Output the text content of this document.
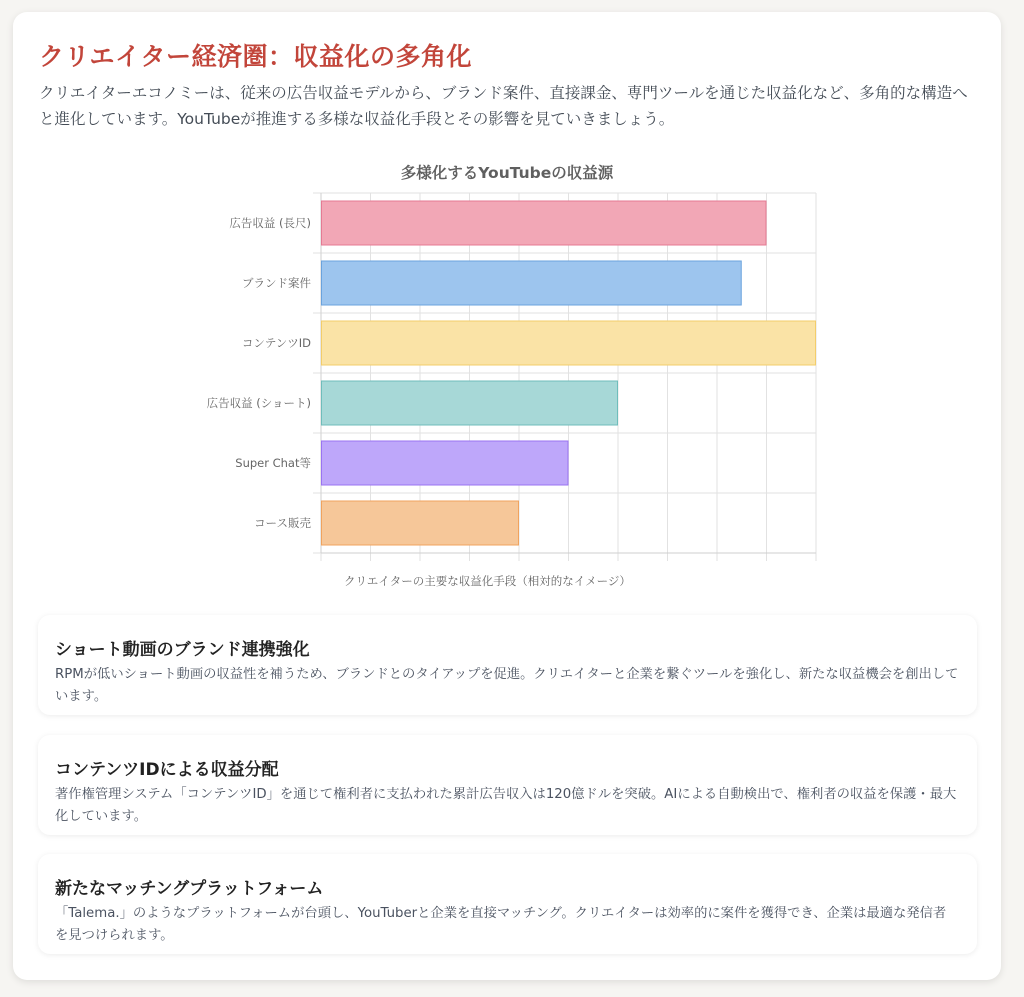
クリエイター経済圏：収益化の多角化

クリエイターエコノミーは、従来の広告収益モデルから、ブランド案件、直接課金、専門ツールを通じた収益化など、多角的な構造へと進化しています。YouTubeが推進する多様な収益化手段とその影響を見ていきましょう。

多様化するYouTubeの収益源
広告収益 (長尺)
ブランド案件
コンテンツID
広告収益 (ショート)
Super Chat等
コース販売
クリエイターの主要な収益化手段（相対的なイメージ）
ショート動画のブランド連携強化

RPMが低いショート動画の収益性を補うため、ブランドとのタイアップを促進。クリエイターと企業を繋ぐツールを強化し、新たな収益機会を創出しています。

コンテンツIDによる収益分配

著作権管理システム「コンテンツID」を通じて権利者に支払われた累計広告収入は120億ドルを突破。AIによる自動検出で、権利者の収益を保護・最大化しています。

新たなマッチングプラットフォーム

「Talema.」のようなプラットフォームが台頭し、YouTuberと企業を直接マッチング。クリエイターは効率的に案件を獲得でき、企業は最適な発信者を見つけられます。
